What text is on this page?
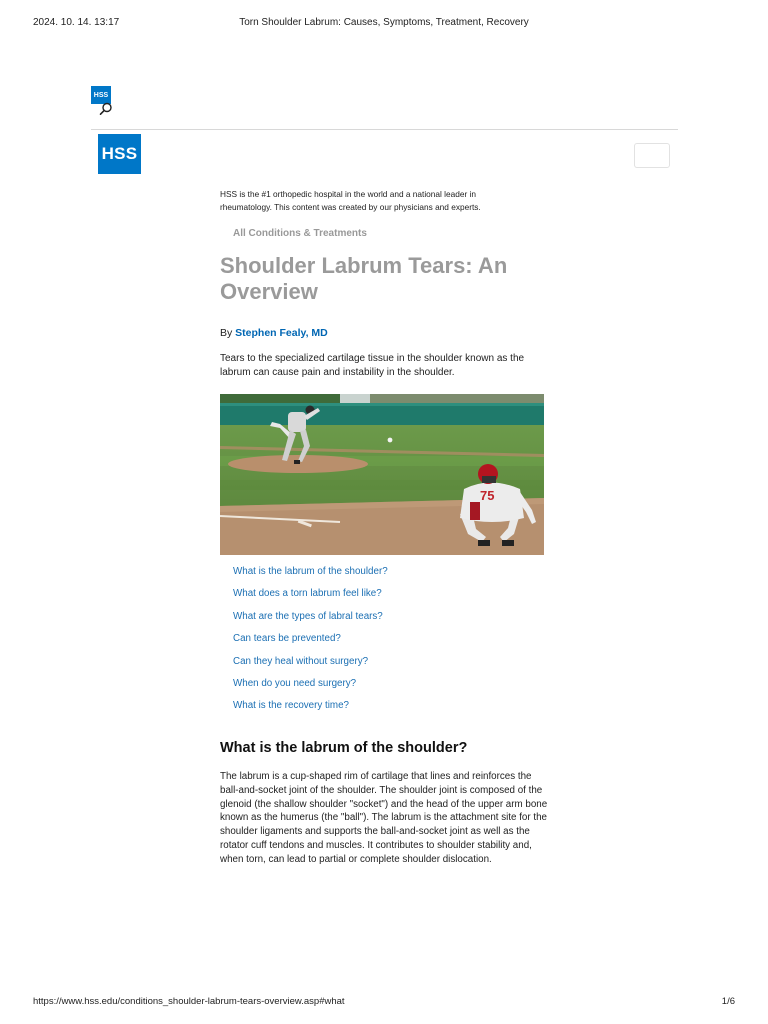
2024. 10. 14. 13:17	Torn Shoulder Labrum: Causes, Symptoms, Treatment, Recovery
HSS
HSS
HSS is the #1 orthopedic hospital in the world and a national leader in rheumatology. This content was created by our physicians and experts.
All Conditions & Treatments
Shoulder Labrum Tears: An Overview
By Stephen Fealy, MD
Tears to the specialized cartilage tissue in the shoulder known as the labrum can cause pain and instability in the shoulder.
75
What is the labrum of the shoulder?
What does a torn labrum feel like?
What are the types of labral tears?
Can tears be prevented?
Can they heal without surgery?
When do you need surgery?
What is the recovery time?
What is the labrum of the shoulder?
The labrum is a cup-shaped rim of cartilage that lines and reinforces the ball-and-socket joint of the shoulder. The shoulder joint is composed of the glenoid (the shallow shoulder "socket") and the head of the upper arm bone known as the humerus (the "ball"). The labrum is the attachment site for the shoulder ligaments and supports the ball-and-socket joint as well as the rotator cuff tendons and muscles. It contributes to shoulder stability and, when torn, can lead to partial or complete shoulder dislocation.
https://www.hss.edu/conditions_shoulder-labrum-tears-overview.asp#what	1/6
